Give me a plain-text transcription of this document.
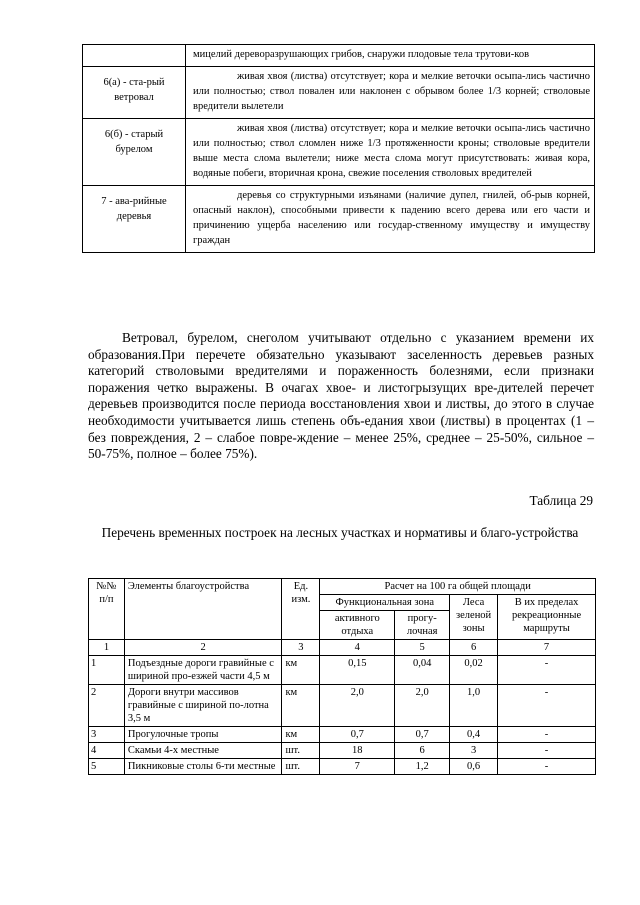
	мицелий дереворазрушающих грибов, снаружи плодовые тела трутови-ков
6(а) - ста-рый ветровал	живая хвоя (листва) отсутствует; кора и мелкие веточки осыпа-лись частично или полностью; ствол повален или наклонен с обрывом более 1/3 корней; стволовые вредители вылетели
6(б) - старый бурелом	живая хвоя (листва) отсутствует; кора и мелкие веточки осыпа-лись частично или полностью; ствол сломлен ниже 1/3 протяженности кроны; стволовые вредители выше места слома вылетели; ниже места слома могут присутствовать: живая кора, водяные побеги, вторичная крона, свежие поселения стволовых вредителей
7 - ава-рийные деревья	деревья со структурными изъянами (наличие дупел, гнилей, об-рыв корней, опасный наклон), способными привести к падению всего дерева или его части и причинению ущерба населению или государ-ственному имуществу и имуществу граждан

Ветровал, бурелом, снеголом учитывают отдельно с указанием времени их образования.При перечете обязательно указывают заселенность деревьев разных категорий стволовыми вредителями и пораженность болезнями, если признаки поражения четко выражены. В очагах хвое- и листогрызущих вре-дителей перечет деревьев производится после периода восстановления хвои и листвы, до этого в случае необходимости учитывается лишь степень объ-едания хвои (листвы) в процентах (1 – без повреждения, 2 – слабое повре-ждение – менее 25%, среднее – 25-50%, сильное – 50-75%, полное – более 75%).

Таблица 29
Перечень временных построек на лесных участках и нормативы и благо-устройства
№№ п/п	Элементы благоустройства	Ед. изм.	Расчет на 100 га общей площади			
			Функциональная зона		Леса зеленой зоны	В их пределах рекреационные маршруты
			активного отдыха	прогу-лочная		
1	2	3	4	5	6	7
1	Подъездные дороги гравийные с шириной про-езжей части 4,5 м	км	0,15	0,04	0,02	-
2	Дороги внутри массивов гравийные с шириной по-лотна 3,5 м	км	2,0	2,0	1,0	-
3	Прогулочные тропы	км	0,7	0,7	0,4	-
4	Скамьи 4-х местные	шт.	18	6	3	-
5	Пикниковые столы 6-ти местные	шт.	7	1,2	0,6	-
